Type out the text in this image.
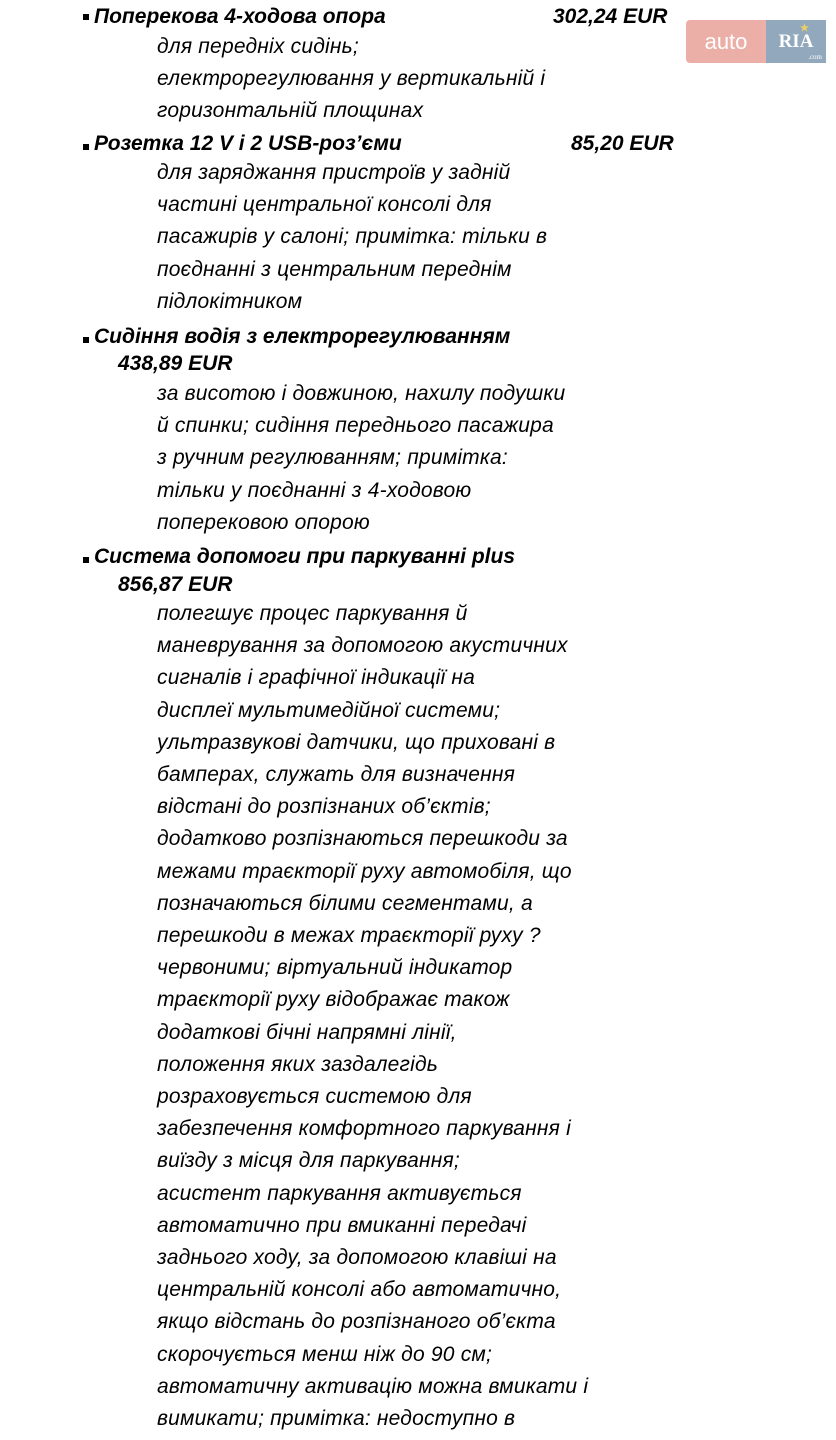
auto	RIA
★
.com
Поперекова 4-ходова опора	302,24 EUR
для передніх сидінь;
електрорегулювання у вертикальній і
горизонтальній площинах
Розетка 12 V і 2 USB-роз’єми	85,20 EUR
для заряджання пристроїв у задній
частині центральної консолі для
пасажирів у салоні; примітка: тільки в
поєднанні з центральним переднім
підлокітником
Сидіння водія з електрорегулюванням
438,89 EUR
за висотою і довжиною, нахилу подушки
й спинки; сидіння переднього пасажира
з ручним регулюванням; примітка:
тільки у поєднанні з 4-ходовою
поперековою опорою
Система допомоги при паркуванні plus
856,87 EUR
полегшує процес паркування й
маневрування за допомогою акустичних
сигналів і графічної індикації на
дисплеї мультимедійної системи;
ультразвукові датчики, що приховані в
бамперах, служать для визначення
відстані до розпізнаних об’єктів;
додатково розпізнаються перешкоди за
межами траєкторії руху автомобіля, що
позначаються білими сегментами, а
перешкоди в межах траєкторії руху ?
червоними; віртуальний індикатор
траєкторії руху відображає також
додаткові бічні напрямні лінії,
положення яких заздалегідь
розраховується системою для
забезпечення комфортного паркування і
виїзду з місця для паркування;
асистент паркування активується
автоматично при вмиканні передачі
заднього ходу, за допомогою клавіші на
центральній консолі або автоматично,
якщо відстань до розпізнаного об’єкта
скорочується менш ніж до 90 см;
автоматичну активацію можна вмикати і
вимикати; примітка: недоступно в
